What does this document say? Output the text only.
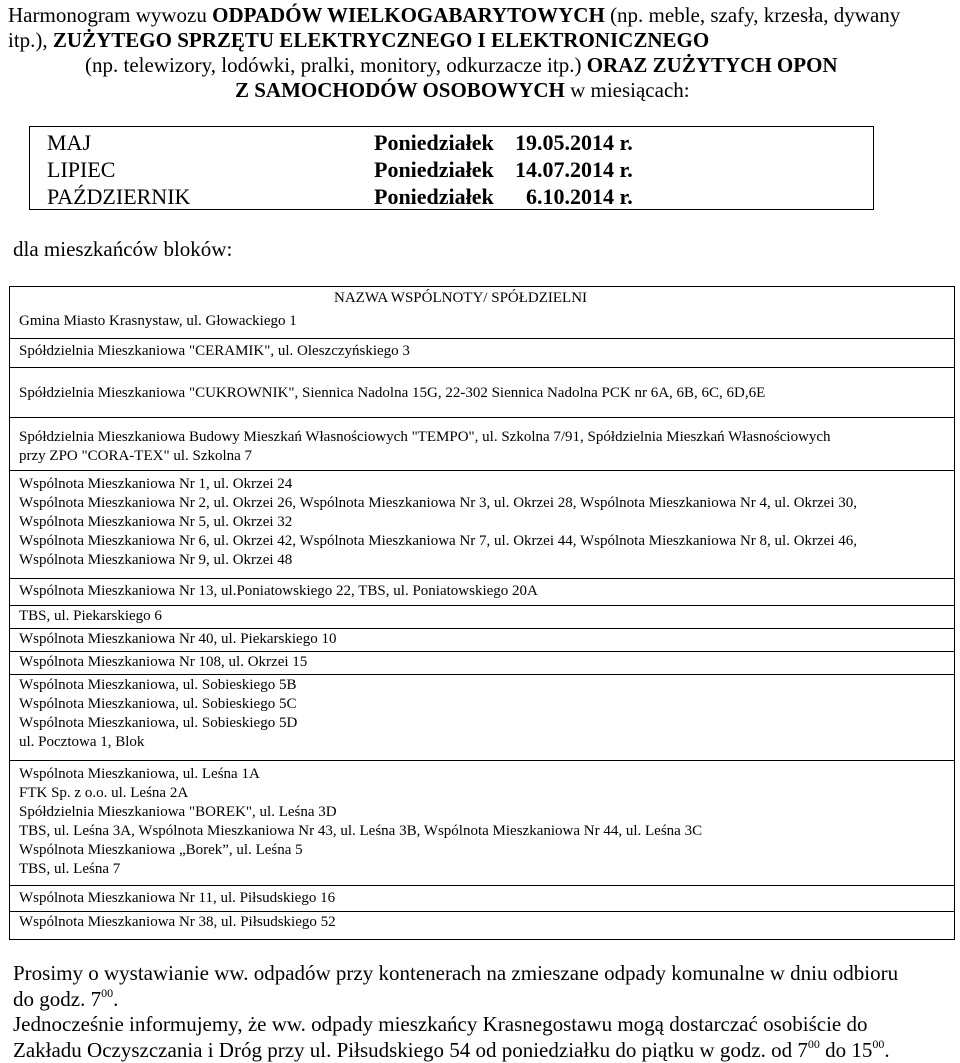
Harmonogram wywozu ODPADÓW WIELKOGABARYTOWYCH (np. meble, szafy, krzesła, dywany
itp.), ZUŻYTEGO SPRZĘTU ELEKTRYCZNEGO I ELEKTRONICZNEGO
(np. telewizory, lodówki, pralki, monitory, odkurzacze itp.) ORAZ ZUŻYTYCH OPON
Z SAMOCHODÓW OSOBOWYCH w miesiącach:
MAJ	Poniedziałek 19.05.2014 r.
LIPIEC	Poniedziałek 14.07.2014 r.
PAŹDZIERNIK	Poniedziałek 6.10.2014 r.
dla mieszkańców bloków:
NAZWA WSPÓLNOTY/ SPÓŁDZIELNI
Gmina Miasto Krasnystaw, ul. Głowackiego 1
Spółdzielnia Mieszkaniowa "CERAMIK", ul. Oleszczyńskiego 3
Spółdzielnia Mieszkaniowa "CUKROWNIK", Siennica Nadolna 15G, 22-302 Siennica Nadolna PCK nr 6A, 6B, 6C, 6D,6E
Spółdzielnia Mieszkaniowa Budowy Mieszkań Własnościowych "TEMPO", ul. Szkolna 7/91, Spółdzielnia Mieszkań Własnościowych
przy ZPO "CORA-TEX" ul. Szkolna 7
Wspólnota Mieszkaniowa Nr 1, ul. Okrzei 24
Wspólnota Mieszkaniowa Nr 2, ul. Okrzei 26, Wspólnota Mieszkaniowa Nr 3, ul. Okrzei 28, Wspólnota Mieszkaniowa Nr 4, ul. Okrzei 30,
Wspólnota Mieszkaniowa Nr 5, ul. Okrzei 32
Wspólnota Mieszkaniowa Nr 6, ul. Okrzei 42, Wspólnota Mieszkaniowa Nr 7, ul. Okrzei 44, Wspólnota Mieszkaniowa Nr 8, ul. Okrzei 46,
Wspólnota Mieszkaniowa Nr 9, ul. Okrzei 48
Wspólnota Mieszkaniowa Nr 13, ul.Poniatowskiego 22, TBS, ul. Poniatowskiego 20A
TBS, ul. Piekarskiego 6
Wspólnota Mieszkaniowa Nr 40, ul. Piekarskiego 10
Wspólnota Mieszkaniowa Nr 108, ul. Okrzei 15
Wspólnota Mieszkaniowa, ul. Sobieskiego 5B
Wspólnota Mieszkaniowa, ul. Sobieskiego 5C
Wspólnota Mieszkaniowa, ul. Sobieskiego 5D
ul. Pocztowa 1, Blok
Wspólnota Mieszkaniowa, ul. Leśna 1A
FTK Sp. z o.o. ul. Leśna 2A
Spółdzielnia Mieszkaniowa "BOREK", ul. Leśna 3D
TBS, ul. Leśna 3A, Wspólnota Mieszkaniowa Nr 43, ul. Leśna 3B, Wspólnota Mieszkaniowa Nr 44, ul. Leśna 3C
Wspólnota Mieszkaniowa „Borek”, ul. Leśna 5
TBS, ul. Leśna 7
Wspólnota Mieszkaniowa Nr 11, ul. Piłsudskiego 16
Wspólnota Mieszkaniowa Nr 38, ul. Piłsudskiego 52
Prosimy o wystawianie ww. odpadów przy kontenerach na zmieszane odpady komunalne w dniu odbioru
do godz. $7^{00}$.
Jednocześnie informujemy, że ww. odpady mieszkańcy Krasnegostawu mogą dostarczać osobiście do
Zakładu Oczyszczania i Dróg przy ul. Piłsudskiego 54 od poniedziałku do piątku w godz. od $7^{00}$ do $15^{00}$.
